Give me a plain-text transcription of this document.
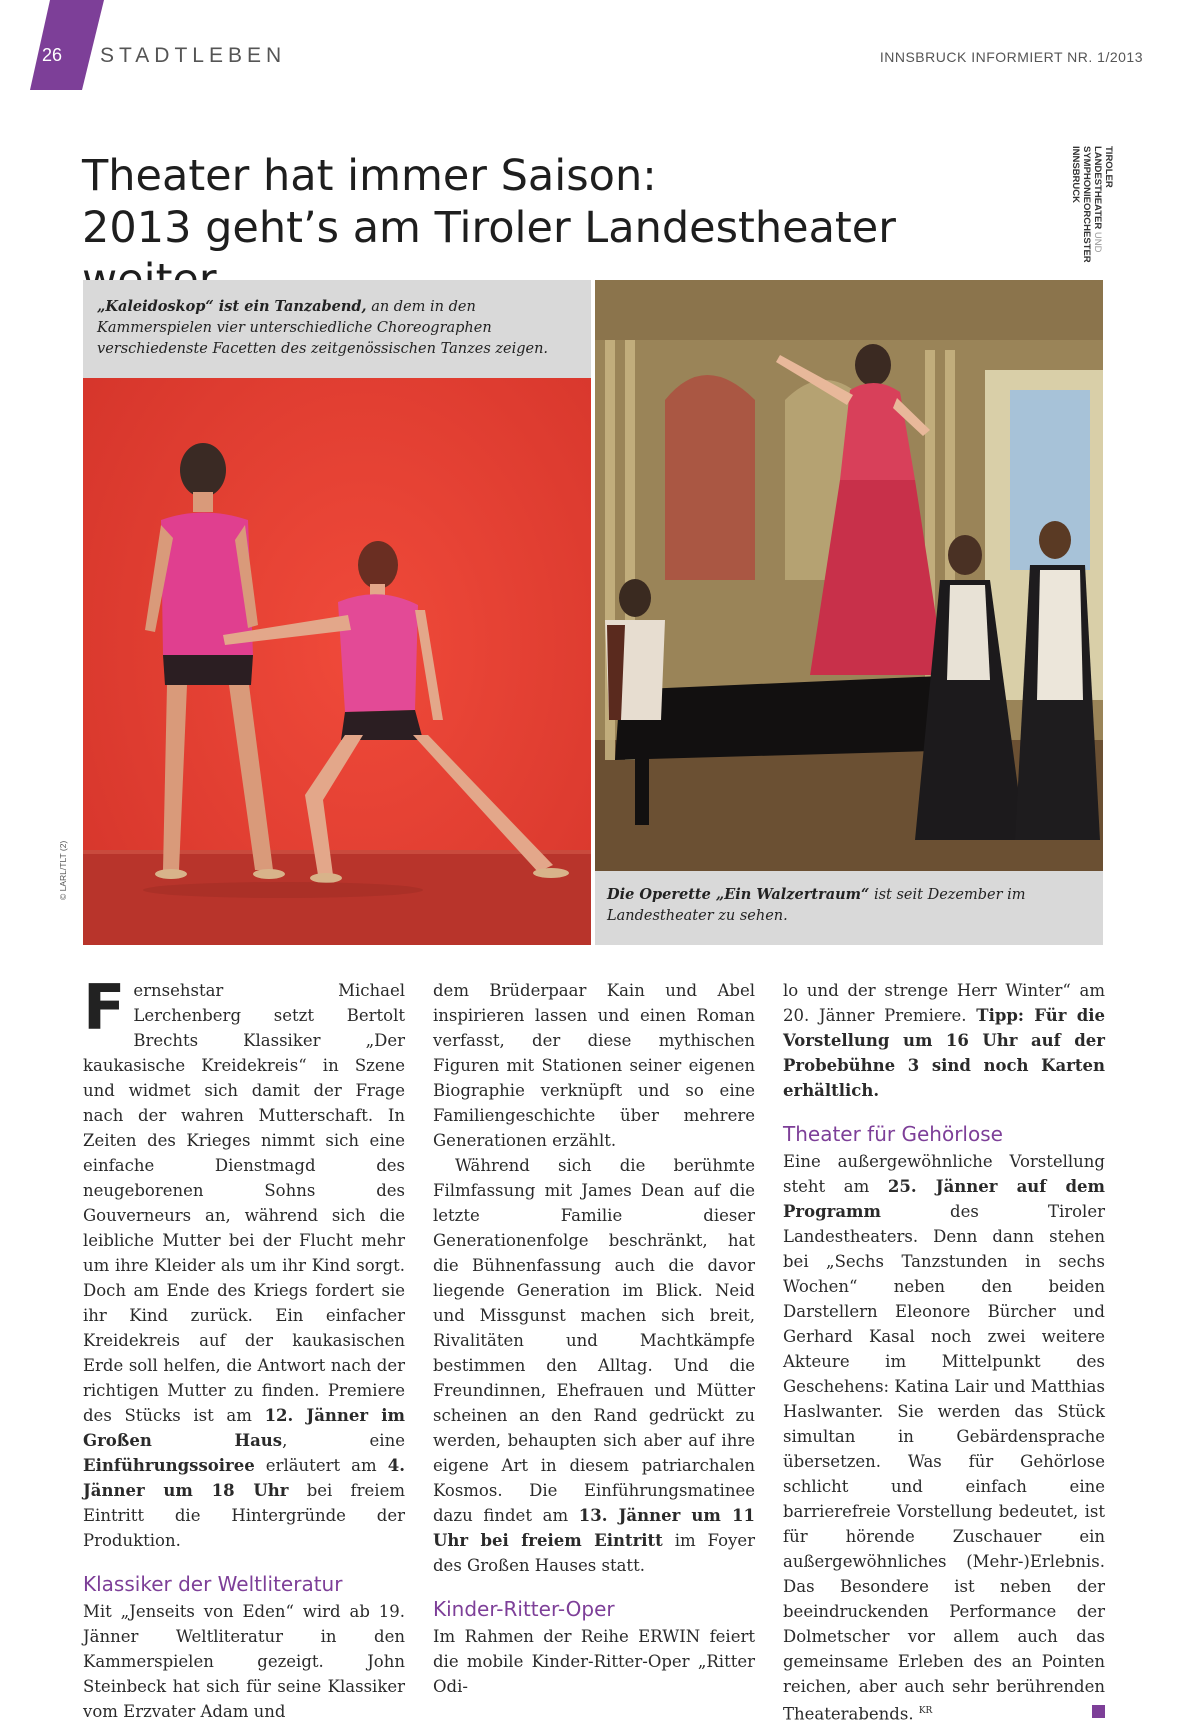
26 STADTLEBEN	INNSBRUCK INFORMIERT NR. 1/2013
Theater hat immer Saison:
2013 geht’s am Tiroler Landestheater
TIROLER
LANDESTHEATER UND
SYMPHONIEORCHESTER
INNSBRUCK
© LARL/TLT (2)
„Kaleidoskop“ ist ein Tanzabend, an dem in den Kammerspielen vier unterschiedliche Choreographen verschiedenste Facetten des zeitgenössischen Tanzes zeigen.
Die Operette „Ein Walzertraum“ ist seit Dezember im Landestheater zu sehen.

Fernsehstar Michael Lerchenberg setzt Bertolt Brechts Klassiker „Der kaukasische Kreidekreis“ in Szene und widmet sich damit der Frage nach der wahren Mutterschaft. In Zeiten des Krieges nimmt sich eine einfache Dienstmagd des neugeborenen Sohns des Gouverneurs an, während sich die leibliche Mutter bei der Flucht mehr um ihre Kleider als um ihr Kind sorgt. Doch am Ende des Kriegs fordert sie ihr Kind zurück. Ein einfacher Kreidekreis auf der kaukasischen Erde soll helfen, die Antwort nach der richtigen Mutter zu finden. Premiere des Stücks ist am 12. Jänner im Großen Haus, eine Einführungssoiree erläutert am 4. Jänner um 18 Uhr bei freiem Eintritt die Hintergründe der Produktion.

Klassiker der Weltliteratur

Mit „Jenseits von Eden“ wird ab 19. Jänner Weltliteratur in den Kammerspielen gezeigt. John Steinbeck hat sich für seine Klassiker vom Erzvater Adam und

dem Brüderpaar Kain und Abel inspirieren lassen und einen Roman verfasst, der diese mythischen Figuren mit Stationen seiner eigenen Biographie verknüpft und so eine Familiengeschichte über mehrere Generationen erzählt.

Während sich die berühmte Filmfassung mit James Dean auf die letzte Familie dieser Generationenfolge beschränkt, hat die Bühnenfassung auch die davor liegende Generation im Blick. Neid und Missgunst machen sich breit, Rivalitäten und Machtkämpfe bestimmen den Alltag. Und die Freundinnen, Ehefrauen und Mütter scheinen an den Rand gedrückt zu werden, behaupten sich aber auf ihre eigene Art in diesem patriarchalen Kosmos. Die Einführungsmatinee dazu findet am 13. Jänner um 11 Uhr bei freiem Eintritt im Foyer des Großen Hauses statt.

Kinder-Ritter-Oper

Im Rahmen der Reihe ERWIN feiert die mobile Kinder-Ritter-Oper „Ritter Odi-

lo und der strenge Herr Winter“ am 20. Jänner Premiere. Tipp: Für die Vorstellung um 16 Uhr auf der Probebühne 3 sind noch Karten erhältlich.

Theater für Gehörlose

Eine außergewöhnliche Vorstellung steht am 25. Jänner auf dem Programm des Tiroler Landestheaters. Denn dann stehen bei „Sechs Tanzstunden in sechs Wochen“ neben den beiden Darstellern Eleonore Bürcher und Gerhard Kasal noch zwei weitere Akteure im Mittelpunkt des Geschehens: Katina Lair und Matthias Haslwanter. Sie werden das Stück simultan in Gebärdensprache übersetzen. Was für Gehörlose schlicht und einfach eine barrierefreie Vorstellung bedeutet, ist für hörende Zuschauer ein außergewöhnliches (Mehr-)Erlebnis. Das Besondere ist neben der beeindruckenden Performance der Dolmetscher vor allem auch das gemeinsame Erleben des an Pointen reichen, aber auch sehr berührenden Theaterabends. $^{KR}$
